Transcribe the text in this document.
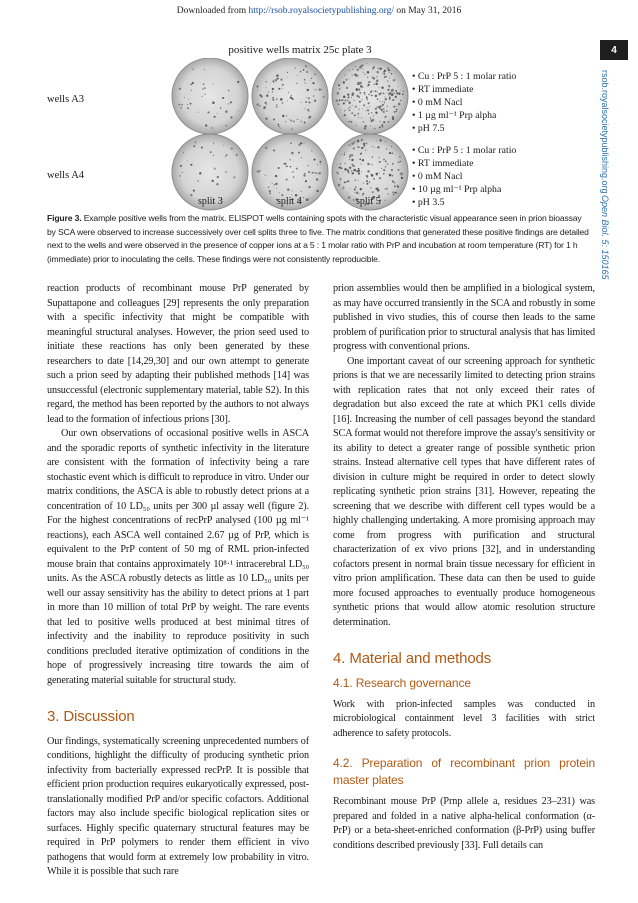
Downloaded from http://rsob.royalsocietypublishing.org/ on May 31, 2016
4
rsob.royalsocietypublishing.org
Open Biol. 5: 150165
positive wells matrix 25c plate 3
wells A3
wells A4
• Cu : PrP 5 : 1 molar ratio
• RT immediate
• 0 mM Nacl
• 1 µg ml⁻¹ Prp alpha
• pH 7.5
• Cu : PrP 5 : 1 molar ratio
• RT immediate
• 0 mM Nacl
• 10 µg ml⁻¹ Prp alpha
• pH 3.5
split 3	split 4	split 5
Figure 3. Example positive wells from the matrix. ELISPOT wells containing spots with the characteristic visual appearance seen in prion bioassay by SCA were observed to increase successively over cell splits three to five. The matrix conditions that generated these positive findings are detailed next to the wells and were observed in the presence of copper ions at a 5 : 1 molar ratio with PrP and incubation at room temperature (RT) for 1 h (immediate) prior to inoculating the cells. These findings were not consistently reproducible.

reaction products of recombinant mouse PrP generated by Supattapone and colleagues [29] represents the only preparation with a specific infectivity that might be compatible with meaningful structural analyses. However, the prion seed used to initiate these reactions has only been generated by these researchers to date [14,29,30] and our own attempt to generate such a prion seed by adapting their published methods [14] was unsuccessful (electronic supplementary material, table S2). In this regard, the method has been reported by the authors to not always lead to the formation of infectious prions [30].

Our own observations of occasional positive wells in ASCA and the sporadic reports of synthetic infectivity in the literature are consistent with the formation of infectivity being a rare stochastic event which is difficult to reproduce in vitro. Under our matrix conditions, the ASCA is able to robustly detect prions at a concentration of 10 LD₅₀ units per 300 µl assay well (figure 2). For the highest concentrations of recPrP analysed (100 µg ml⁻¹ reactions), each ASCA well contained 2.67 µg of PrP, which is equivalent to the PrP content of 50 mg of RML prion-infected mouse brain that contains approximately 10⁸·¹ intracerebral LD₅₀ units. As the ASCA robustly detects as little as 10 LD₅₀ units per well our assay sensitivity has the ability to detect prions at 1 part in more than 10 million of total PrP by weight. The rare events that led to positive wells produced at best minimal titres of infectivity and the inability to reproduce positivity in such conditions precluded iterative optimization of conditions in the hope of progressively increasing titre towards the aim of generating material suitable for structural study.

3. Discussion

Our findings, systematically screening unprecedented numbers of conditions, highlight the difficulty of producing synthetic prion infectivity from bacterially expressed recPrP. It is possible that efficient prion production requires eukaryotically expressed, post-translationally modified PrP and/or specific cofactors. Additional factors may also include specific biological replication sites or surfaces. Highly specific quaternary structural features may be required in PrP polymers to render them efficient in vivo pathogens that would form at extremely low probability in vitro. While it is possible that such rare

prion assemblies would then be amplified in a biological system, as may have occurred transiently in the SCA and robustly in some published in vivo studies, this of course then leads to the same problem of purification prior to structural analysis that has limited progress with conventional prions.

One important caveat of our screening approach for synthetic prions is that we are necessarily limited to detecting prion strains with replication rates that not only exceed their rates of degradation but also exceed the rate at which PK1 cells divide [16]. Increasing the number of cell passages beyond the standard SCA format would not therefore improve the assay's sensitivity or its ability to detect a greater range of possible synthetic prion strains. Instead alternative cell types that have different rates of division in culture might be required in order to detect slowly replicating synthetic prion strains [31]. However, repeating the screening that we describe with different cell types would be a highly challenging undertaking. A more promising approach may come from progress with purification and structural characterization of ex vivo prions [32], and in understanding cofactors present in normal brain tissue necessary for efficient in vitro prion amplification. These data can then be used to guide more focused approaches to eventually produce homogeneous synthetic prions that would allow atomic resolution structure determination.

4. Material and methods
4.1. Research governance

Work with prion-infected samples was conducted in microbiological containment level 3 facilities with strict adherence to safety protocols.

4.2. Preparation of recombinant prion protein master plates

Recombinant mouse PrP (Prnp allele a, residues 23–231) was prepared and folded in a native alpha-helical conformation (α-PrP) or a beta-sheet-enriched conformation (β-PrP) using buffer conditions described previously [33]. Full details can
